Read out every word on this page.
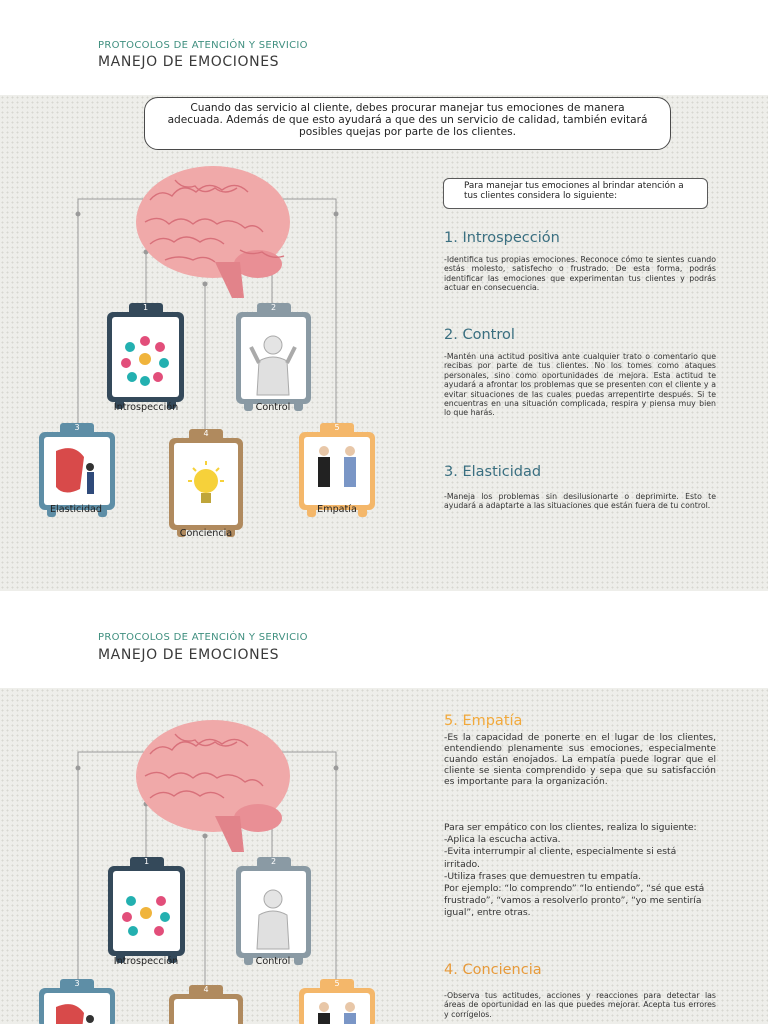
PROTOCOLOS DE ATENCIÓN Y SERVICIO
MANEJO DE EMOCIONES
Cuando das servicio al cliente, debes procurar manejar tus emociones de manera adecuada. Además de que esto ayudará a que des un servicio de calidad, también evitará posibles quejas por parte de los clientes.
1
Introspección
2
Control
3
Elasticidad
4
Conciencia
5
Empatía
Para manejar tus emociones al brindar atención a tus clientes considera lo siguiente:
1. Introspección
-Identifica tus propias emociones. Reconoce cómo te sientes cuando estás molesto, satisfecho o frustrado. De esta forma, podrás identificar las emociones que experimentan tus clientes y podrás actuar en consecuencia.
2. Control
-Mantén una actitud positiva ante cualquier trato o comentario que recibas por parte de tus clientes. No los tomes como ataques personales, sino como oportunidades de mejora. Esta actitud te ayudará a afrontar los problemas que se presenten con el cliente y a evitar situaciones de las cuales puedas arrepentirte después. Si te encuentras en una situación complicada, respira y piensa muy bien lo que harás.
3. Elasticidad
-Maneja los problemas sin desilusionarte o deprimirte. Esto te ayudará a adaptarte a las situaciones que están fuera de tu control.
PROTOCOLOS DE ATENCIÓN Y SERVICIO
MANEJO DE EMOCIONES
1
Introspección
2
Control
3
4
5
5. Empatía
-Es la capacidad de ponerte en el lugar de los clientes, entendiendo plenamente sus emociones, especialmente cuando están enojados. La empatía puede lograr que el cliente se sienta comprendido y sepa que su satisfacción es importante para la organización.
Para ser empático con los clientes, realiza lo siguiente:
-Aplica la escucha activa.
-Evita interrumpir al cliente, especialmente si está irritado.
-Utiliza frases que demuestren tu empatía.
Por ejemplo: “lo comprendo” “lo entiendo”, “sé que está frustrado”, “vamos a resolverlo pronto”, “yo me sentiría igual”, entre otras.
4. Conciencia
-Observa tus actitudes, acciones y reacciones para detectar las áreas de oportunidad en las que puedes mejorar. Acepta tus errores y corrígelos.
